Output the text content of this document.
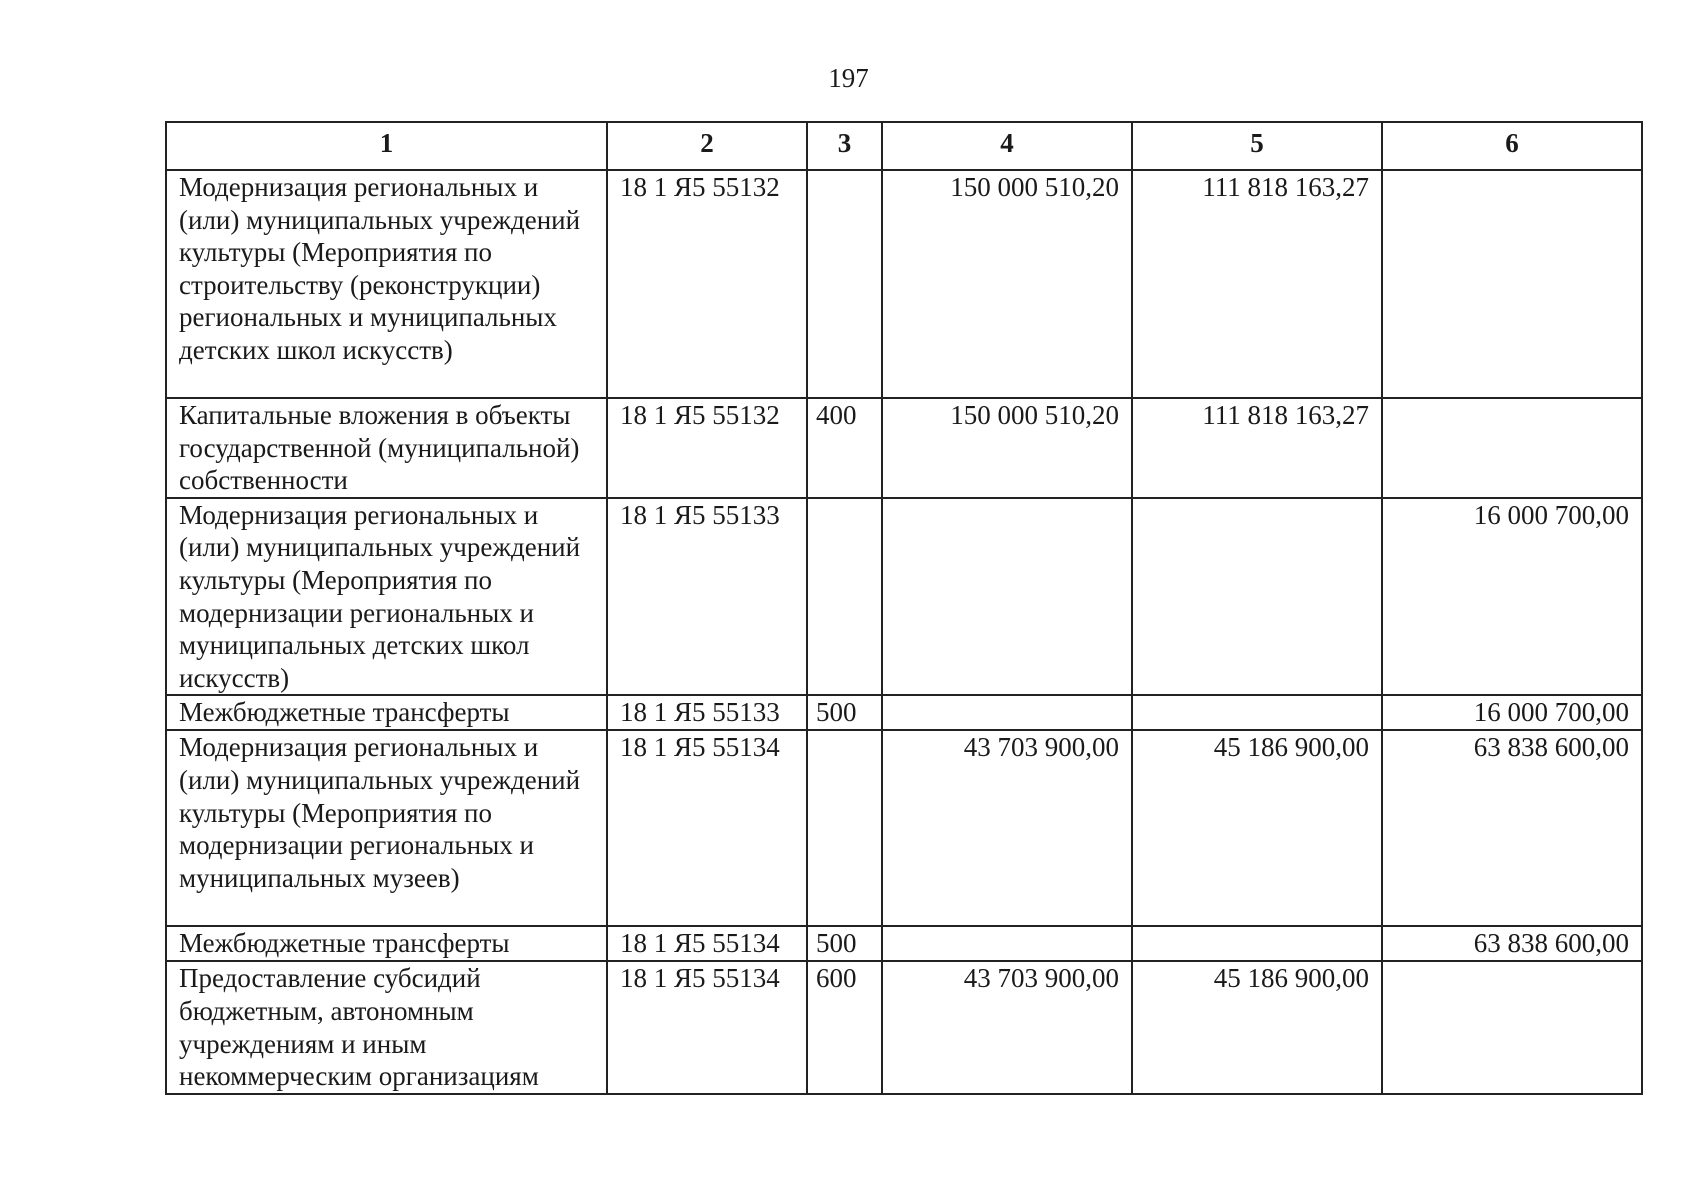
197
1	2	3	4	5	6
Модернизация региональных и (или) муниципальных учреждений культуры (Мероприятия по строительству (реконструкции) региональных и муниципальных детских школ искусств)	18 1 Я5 55132		150 000 510,20	111 818 163,27	
Капитальные вложения в объекты государственной (муниципальной) собственности	18 1 Я5 55132	400	150 000 510,20	111 818 163,27	
Модернизация региональных и (или) муниципальных учреждений культуры (Мероприятия по модернизации региональных и муниципальных детских школ искусств)	18 1 Я5 55133				16 000 700,00
Межбюджетные трансферты	18 1 Я5 55133	500			16 000 700,00
Модернизация региональных и (или) муниципальных учреждений культуры (Мероприятия по модернизации региональных и муниципальных музеев)	18 1 Я5 55134		43 703 900,00	45 186 900,00	63 838 600,00
Межбюджетные трансферты	18 1 Я5 55134	500			63 838 600,00
Предоставление субсидий бюджетным, автономным учреждениям и иным некоммерческим организациям	18 1 Я5 55134	600	43 703 900,00	45 186 900,00	
